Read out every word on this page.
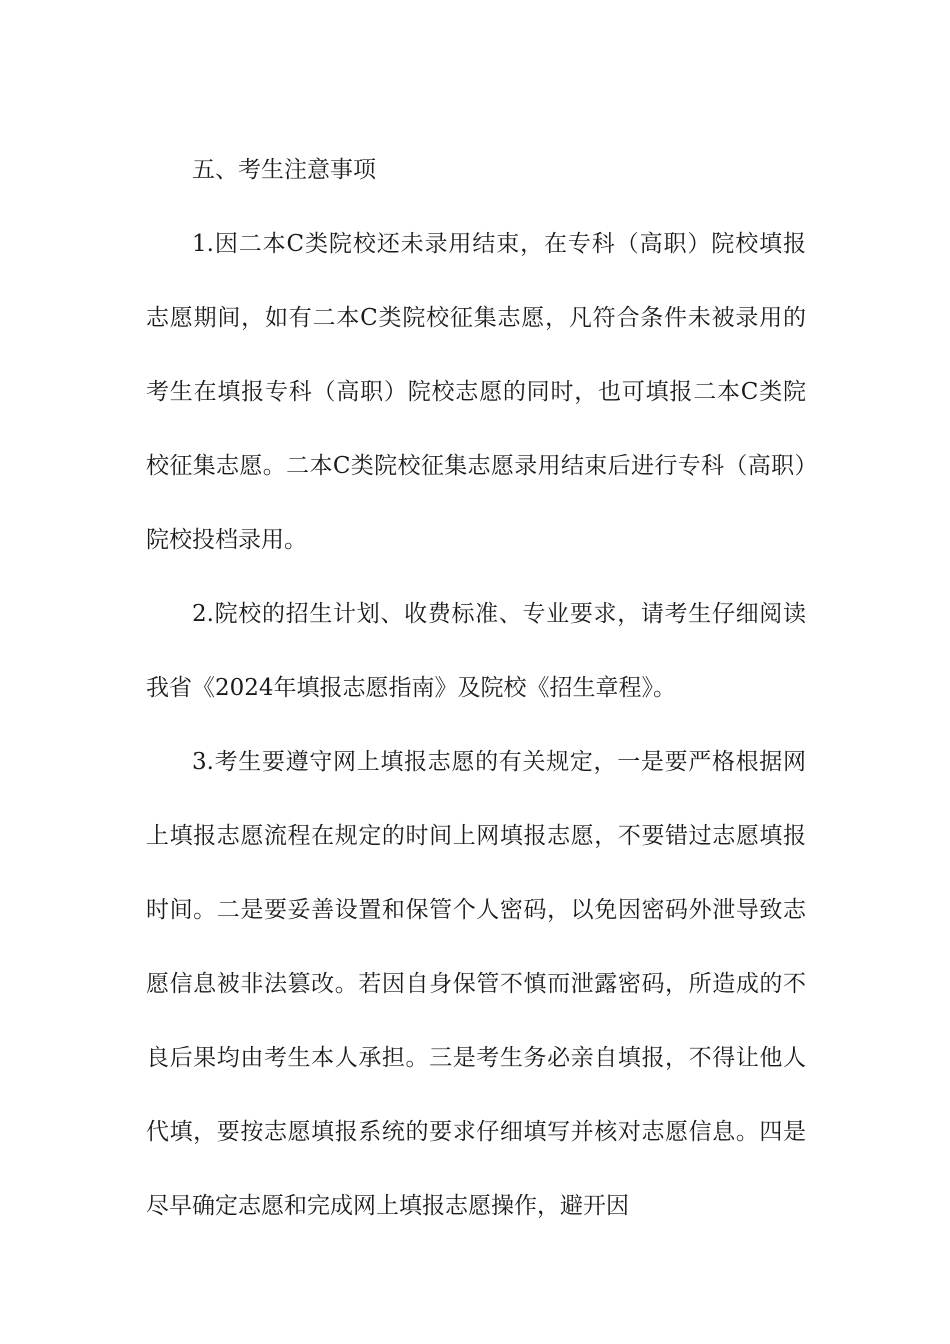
五、考生注意事项

1.因二本C类院校还未录用结束，在专科（高职）院校填报志愿期间，如有二本C类院校征集志愿，凡符合条件未被录用的考生在填报专科（高职）院校志愿的同时，也可填报二本C类院校征集志愿。二本C类院校征集志愿录用结束后进行专科（高职）院校投档录用。

2.院校的招生计划、收费标准、专业要求，请考生仔细阅读我省《2024年填报志愿指南》及院校《招生章程》。

3.考生要遵守网上填报志愿的有关规定，一是要严格根据网上填报志愿流程在规定的时间上网填报志愿，不要错过志愿填报时间。二是要妥善设置和保管个人密码，以免因密码外泄导致志愿信息被非法篡改。若因自身保管不慎而泄露密码，所造成的不良后果均由考生本人承担。三是考生务必亲自填报，不得让他人代填，要按志愿填报系统的要求仔细填写并核对志愿信息。四是尽早确定志愿和完成网上填报志愿操作，避开因
